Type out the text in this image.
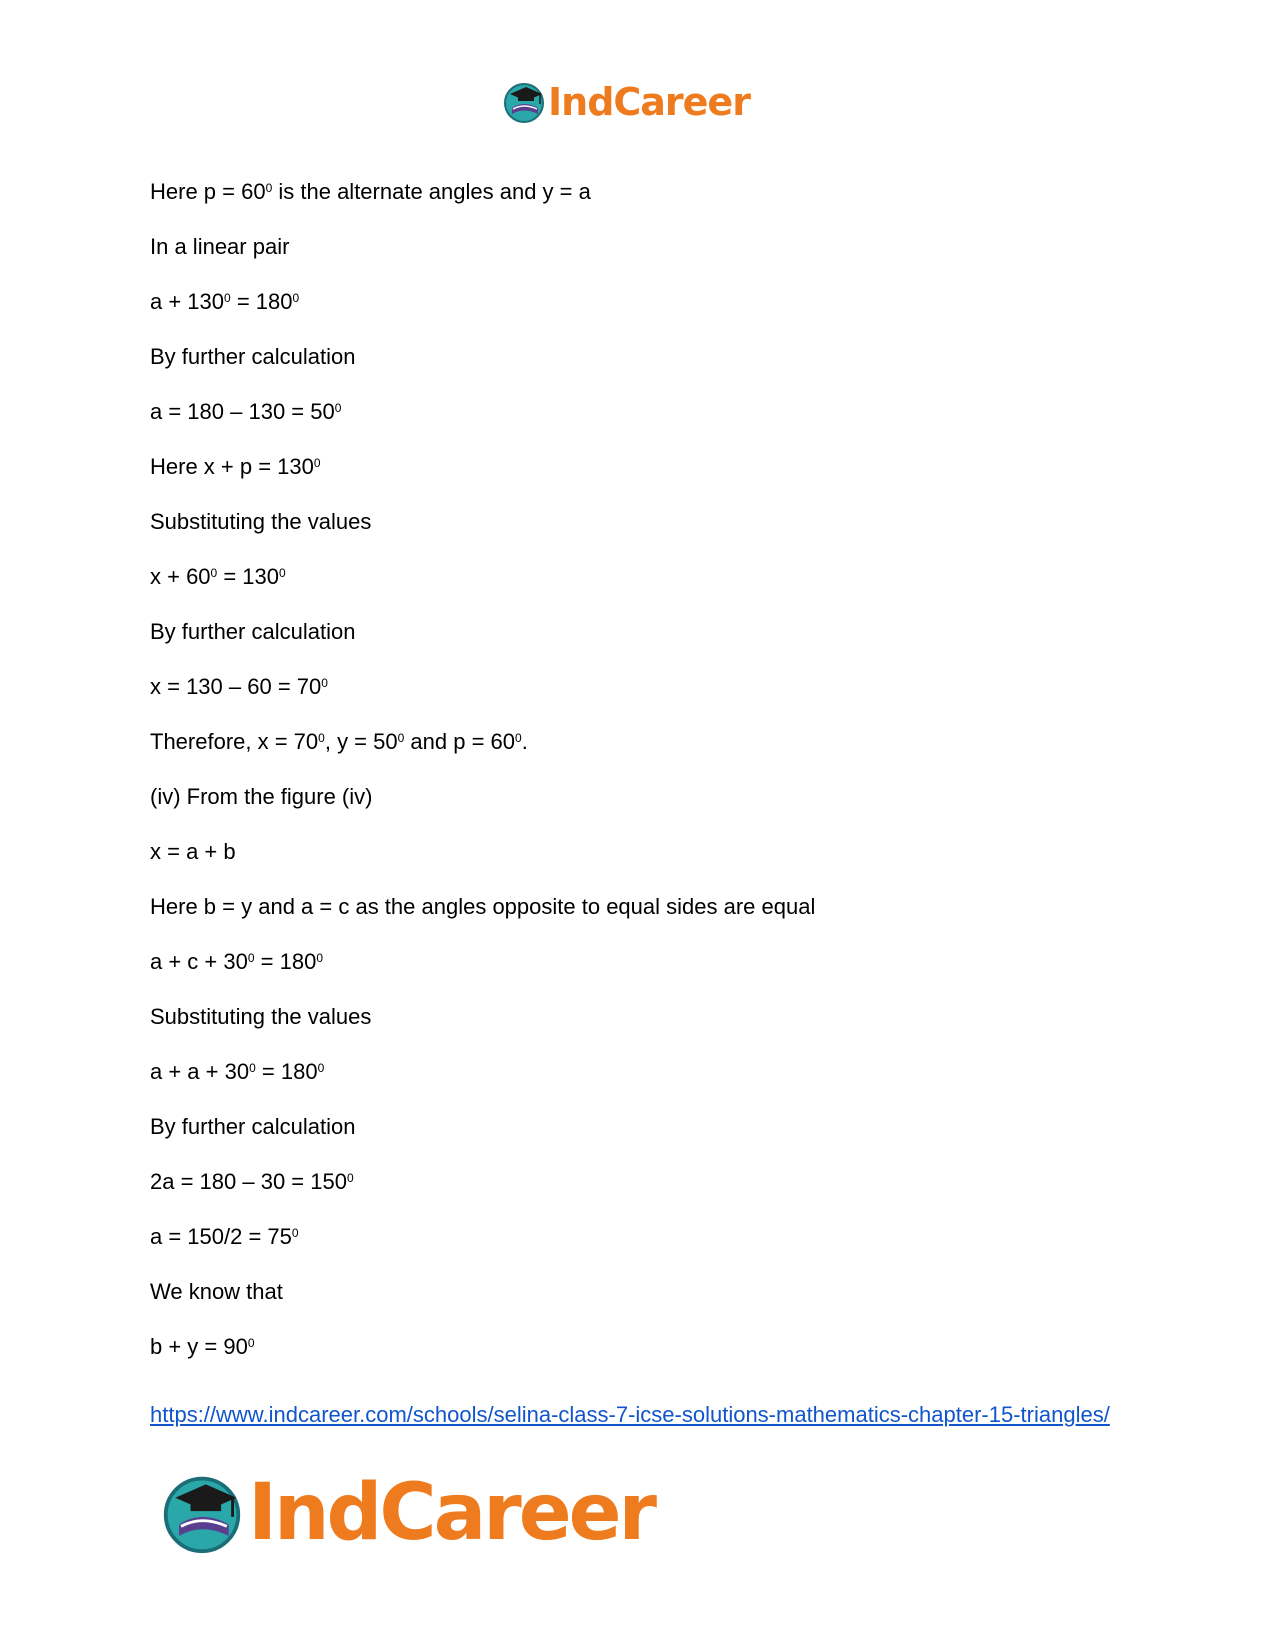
IndCareer
Here $p = 60^0$ is the alternate angles and y = a
In a linear pair
$a + 130^0 = 180^0$
By further calculation
$a = 180 - 130 = 50^0$
Here $x + p = 130^0$
Substituting the values
$x + 60^0 = 130^0$
By further calculation
$x = 130 - 60 = 70^0$
Therefore, $x = 70^0$, $y = 50^0$ and $p = 60^0$.
(iv) From the figure (iv)
x = a + b
Here b = y and a = c as the angles opposite to equal sides are equal
$a + c + 30^0 = 180^0$
Substituting the values
$a + a + 30^0 = 180^0$
By further calculation
$2a = 180 - 30 = 150^0$
$a = 150/2 = 75^0$
We know that
$b + y = 90^0$
https://www.indcareer.com/schools/selina-class-7-icse-solutions-mathematics-chapter-15-triangles/
IndCareer
